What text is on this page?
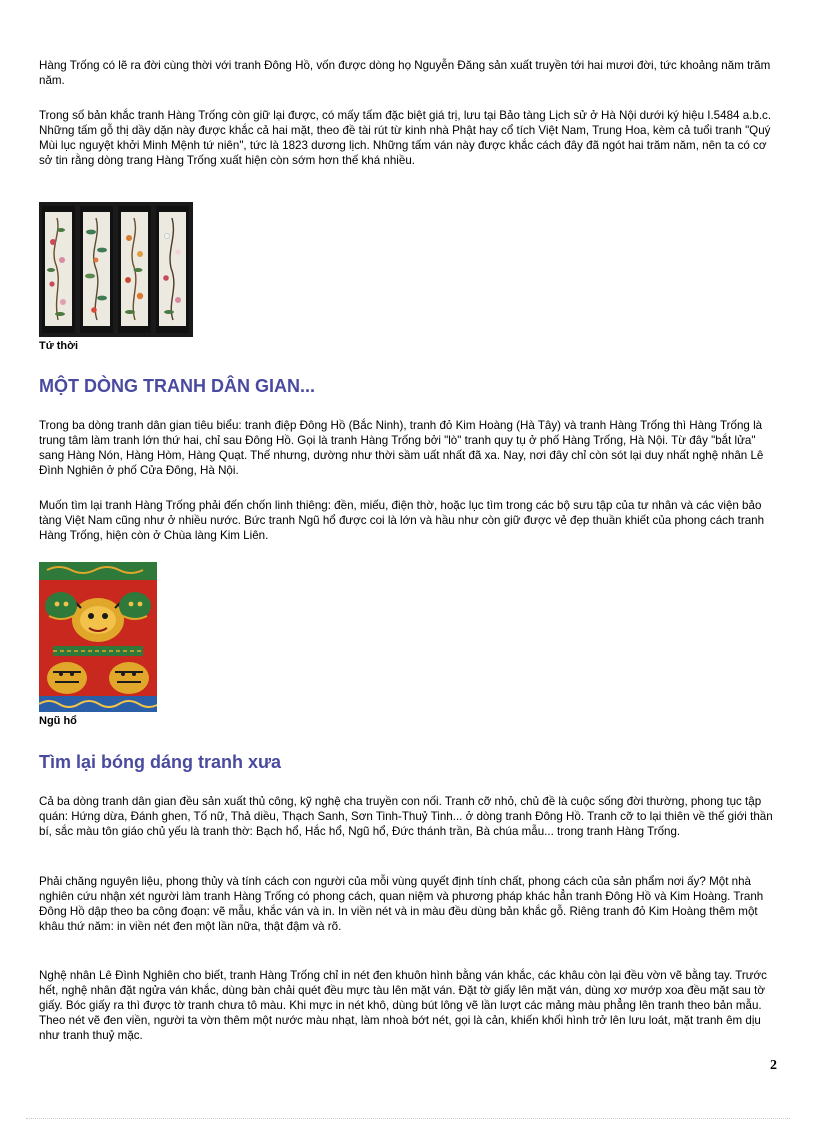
Hàng Trống có lẽ ra đời cùng thời với tranh Đông Hồ, vốn được dòng họ Nguyễn Đăng sản xuất truyền tới hai mươi đời, tức khoảng năm trăm năm.

Trong số bản khắc tranh Hàng Trống còn giữ lại được, có mấy tấm đặc biệt giá trị, lưu tại Bảo tàng Lịch sử ở Hà Nội dưới ký hiệu I.5484 a.b.c. Những tấm gỗ thị dầy dặn này được khắc cả hai mặt, theo đề tài rút từ kinh nhà Phật hay cổ tích Việt Nam, Trung Hoa, kèm cả tuổi tranh "Quý Mùi lục nguyệt khởi Minh Mệnh tứ niên", tức là 1823 dương lịch. Những tấm ván này được khắc cách đây đã ngót hai trăm năm, nên ta có cơ sở tin rằng dòng trang Hàng Trống xuất hiện còn sớm hơn thế khá nhiều.

Tứ thời

MỘT DÒNG TRANH DÂN GIAN...

Trong ba dòng tranh dân gian tiêu biểu: tranh điệp Đông Hồ (Bắc Ninh), tranh đỏ Kim Hoàng (Hà Tây) và tranh Hàng Trống thì Hàng Trống là trung tâm làm tranh lớn thứ hai, chỉ sau Đông Hồ. Gọi là tranh Hàng Trống bởi "lò" tranh quy tụ ở phố Hàng Trống, Hà Nội. Từ đây "bắt lửa" sang Hàng Nón, Hàng Hòm, Hàng Quạt. Thế nhưng, dường như thời sầm uất nhất đã xa. Nay, nơi đây chỉ còn sót lại duy nhất nghệ nhân Lê Đình Nghiên ở phố Cửa Đông, Hà Nội.

Muốn tìm lại tranh Hàng Trống phải đến chốn linh thiêng: đền, miếu, điện thờ, hoặc lục tìm trong các bộ sưu tập của tư nhân và các viện bảo tàng Việt Nam cũng như ở nhiều nước. Bức tranh Ngũ hổ được coi là lớn và hầu như còn giữ được vẻ đẹp thuần khiết của phong cách tranh Hàng Trống, hiện còn ở Chùa làng Kim Liên.

Ngũ hổ

Tìm lại bóng dáng tranh xưa

Cả ba dòng tranh dân gian đều sản xuất thủ công, kỹ nghệ cha truyền con nối. Tranh cỡ nhỏ, chủ đề là cuộc sống đời thường, phong tục tập quán: Hứng dừa, Đánh ghen, Tố nữ, Thả diều, Thạch Sanh, Sơn Tinh-Thuỷ Tinh... ở dòng tranh Đông Hồ. Tranh cỡ to lại thiên về thế giới thần bí, sắc màu tôn giáo chủ yếu là tranh thờ: Bạch hổ, Hắc hổ, Ngũ hổ, Đức thánh trần, Bà chúa mẫu... trong tranh Hàng Trống.

Phải chăng nguyên liệu, phong thủy và tính cách con người của mỗi vùng quyết định tính chất, phong cách của sản phẩm nơi ấy? Một nhà nghiên cứu nhận xét người làm tranh Hàng Trống có phong cách, quan niệm và phương pháp khác hẳn tranh Đông Hồ và Kim Hoàng. Tranh Đông Hồ dập theo ba công đoạn: vẽ mẫu, khắc ván và in. In viền nét và in màu đều dùng bản khắc gỗ. Riêng tranh đỏ Kim Hoàng thêm một khâu thứ năm: in viền nét đen một lần nữa, thật đậm và rõ.

Nghệ nhân Lê Đình Nghiên cho biết, tranh Hàng Trống chỉ in nét đen khuôn hình bằng ván khắc, các khâu còn lại đều vờn vẽ bằng tay. Trước hết, nghệ nhân đặt ngửa ván khắc, dùng bàn chải quét đều mực tàu lên mặt ván. Đặt tờ giấy lên mặt ván, dùng xơ mướp xoa đều mặt sau tờ giấy. Bóc giấy ra thì được tờ tranh chưa tô màu. Khi mực in nét khô, dùng bút lông vẽ lần lượt các mảng màu phẳng lên tranh theo bản mẫu. Theo nét vẽ đen viền, người ta vờn thêm một nước màu nhạt, làm nhoà bớt nét, gọi là cản, khiến khối hình trở lên lưu loát, mặt tranh êm dịu như tranh thuỷ mặc.

2
